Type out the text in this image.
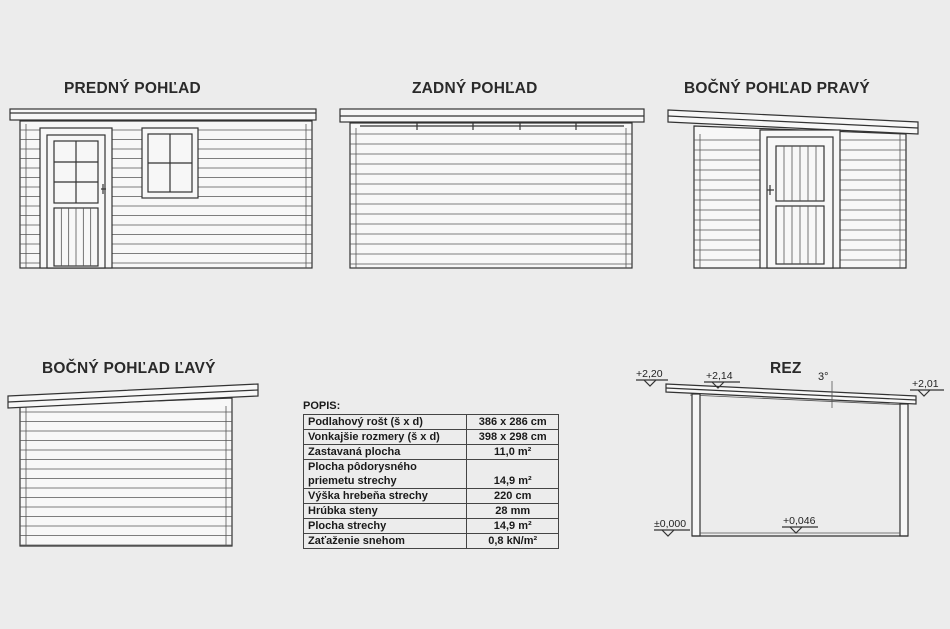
PREDNÝ POHĽAD	ZADNÝ POHĽAD	BOČNÝ POHĽAD PRAVÝ
BOČNÝ POHĽAD ĽAVÝ	REZ 3°
+2,20	+2,14
+2,01
±0,000	+0,046
POPIS:
Podlahový rošt (š x d)	386 x 286 cm
Vonkajšie rozmery (š x d)	398 x 298 cm
Zastavaná plocha	11,0 m²
Plocha pôdorysného priemetu strechy	14,9 m²
Výška hrebeňa strechy	220 cm
Hrúbka steny	28 mm
Plocha strechy	14,9 m²
Zaťaženie snehom	0,8 kN/m²
